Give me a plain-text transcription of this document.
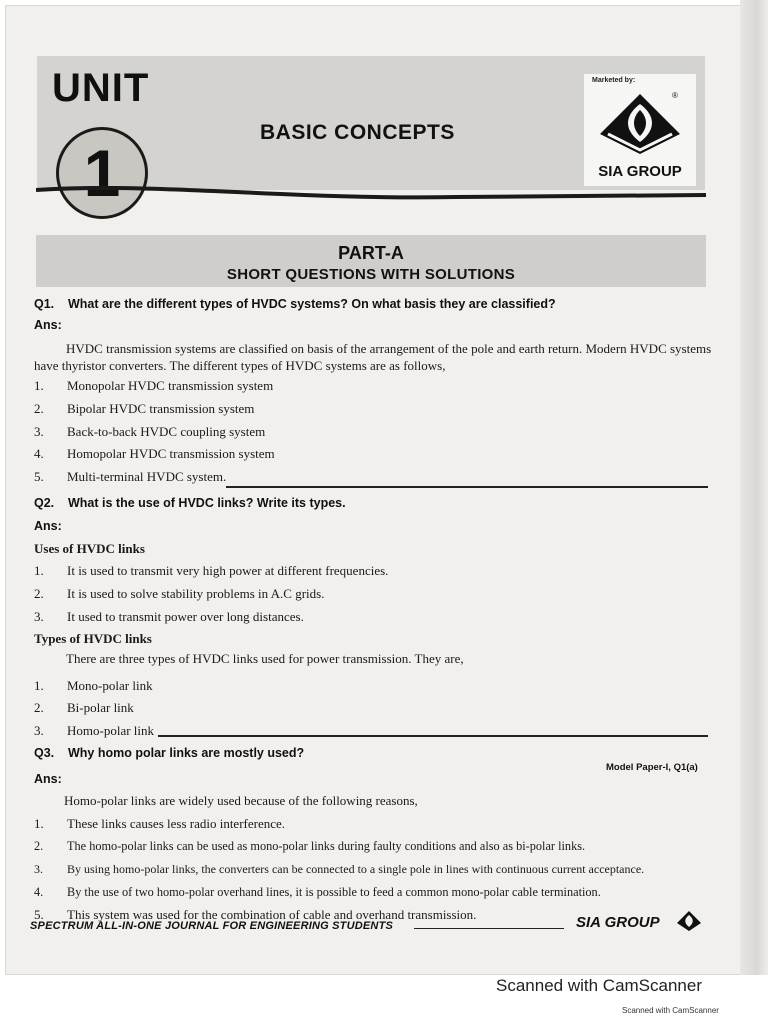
UNIT
1
BASIC CONCEPTS
Marketed by:
®
SIA GROUP
PART-A
SHORT QUESTIONS WITH SOLUTIONS
Q1. What are the different types of HVDC systems? On what basis they are classified?
Ans:
HVDC transmission systems are classified on basis of the arrangement of the pole and earth return. Modern HVDC systems
have thyristor converters. The different types of HVDC systems are as follows,
1. Monopolar HVDC transmission system
2. Bipolar HVDC transmission system
3. Back-to-back HVDC coupling system
4. Homopolar HVDC transmission system
5. Multi-terminal HVDC system.
Q2. What is the use of HVDC links? Write its types.
Ans:
Uses of HVDC links
1. It is used to transmit very high power at different frequencies.
2. It is used to solve stability problems in A.C grids.
3. It used to transmit power over long distances.
Types of HVDC links
There are three types of HVDC links used for power transmission. They are,
1. Mono-polar link
2. Bi-polar link
3. Homo-polar link
Q3. Why homo polar links are mostly used?
Model Paper-I, Q1(a)
Ans:
Homo-polar links are widely used because of the following reasons,
1. These links causes less radio interference.
2. The homo-polar links can be used as mono-polar links during faulty conditions and also as bi-polar links.
3. By using homo-polar links, the converters can be connected to a single pole in lines with continuous current acceptance.
4. By the use of two homo-polar overhand lines, it is possible to feed a common mono-polar cable termination.
5. This system was used for the combination of cable and overhand transmission.
SPECTRUM ALL-IN-ONE JOURNAL FOR ENGINEERING STUDENTS	SIA GROUP
Scanned with CamScanner
Scanned with CamScanner
